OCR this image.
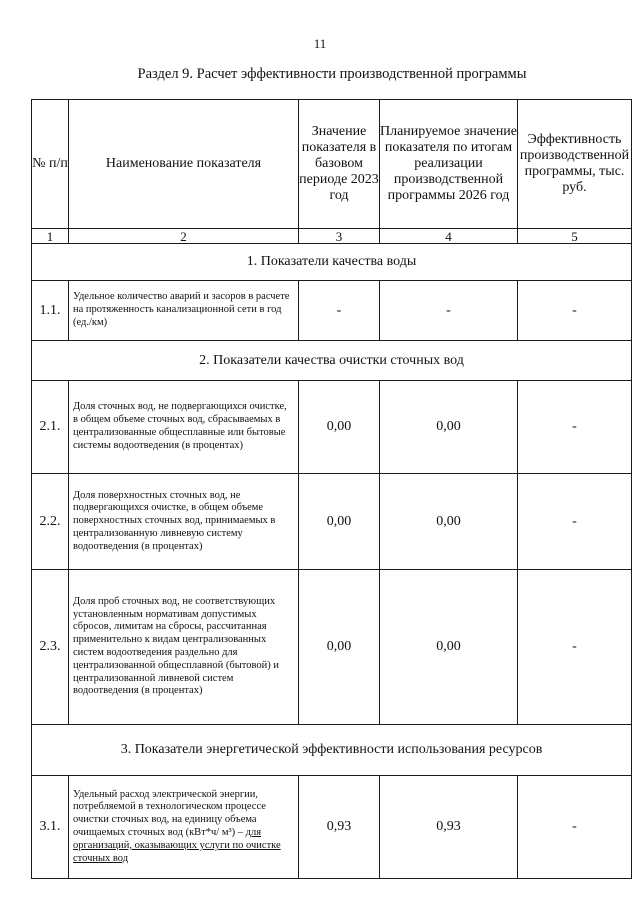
11
Раздел 9. Расчет эффективности производственной программы
№ п/п	Наименование показателя	Значение показателя в базовом периоде 2023 год	Планируемое значение показателя по итогам реализации производственной программы 2026 год	Эффективность производственной программы, тыс. руб.
1	2	3	4	5
1. Показатели качества воды				
1.1.	Удельное количество аварий и засоров в расчете на протяженность канализационной сети в год (ед./км)	-	-	-
2. Показатели качества очистки сточных вод				
2.1.	Доля сточных вод, не подвергающихся очистке, в общем объеме сточных вод, сбрасываемых в централизованные общесплавные или бытовые системы водоотведения (в процентах)	0,00	0,00	-
2.2.	Доля поверхностных сточных вод, не подвергающихся очистке, в общем объеме поверхностных сточных вод, принимаемых в централизованную ливневую систему водоотведения (в процентах)	0,00	0,00	-
2.3.	Доля проб сточных вод, не соответствующих установленным нормативам допустимых сбросов, лимитам на сбросы, рассчитанная применительно к видам централизованных систем водоотведения раздельно для централизованной общесплавной (бытовой) и централизованной ливневой систем водоотведения (в процентах)	0,00	0,00	-
3. Показатели энергетической эффективности использования ресурсов				
3.1.	Удельный расход электрической энергии, потребляемой в технологическом процессе очистки сточных вод, на единицу объема очищаемых сточных вод (кВт*ч/ м³) – для организаций, оказывающих услуги по очистке сточных вод	0,93	0,93	-
